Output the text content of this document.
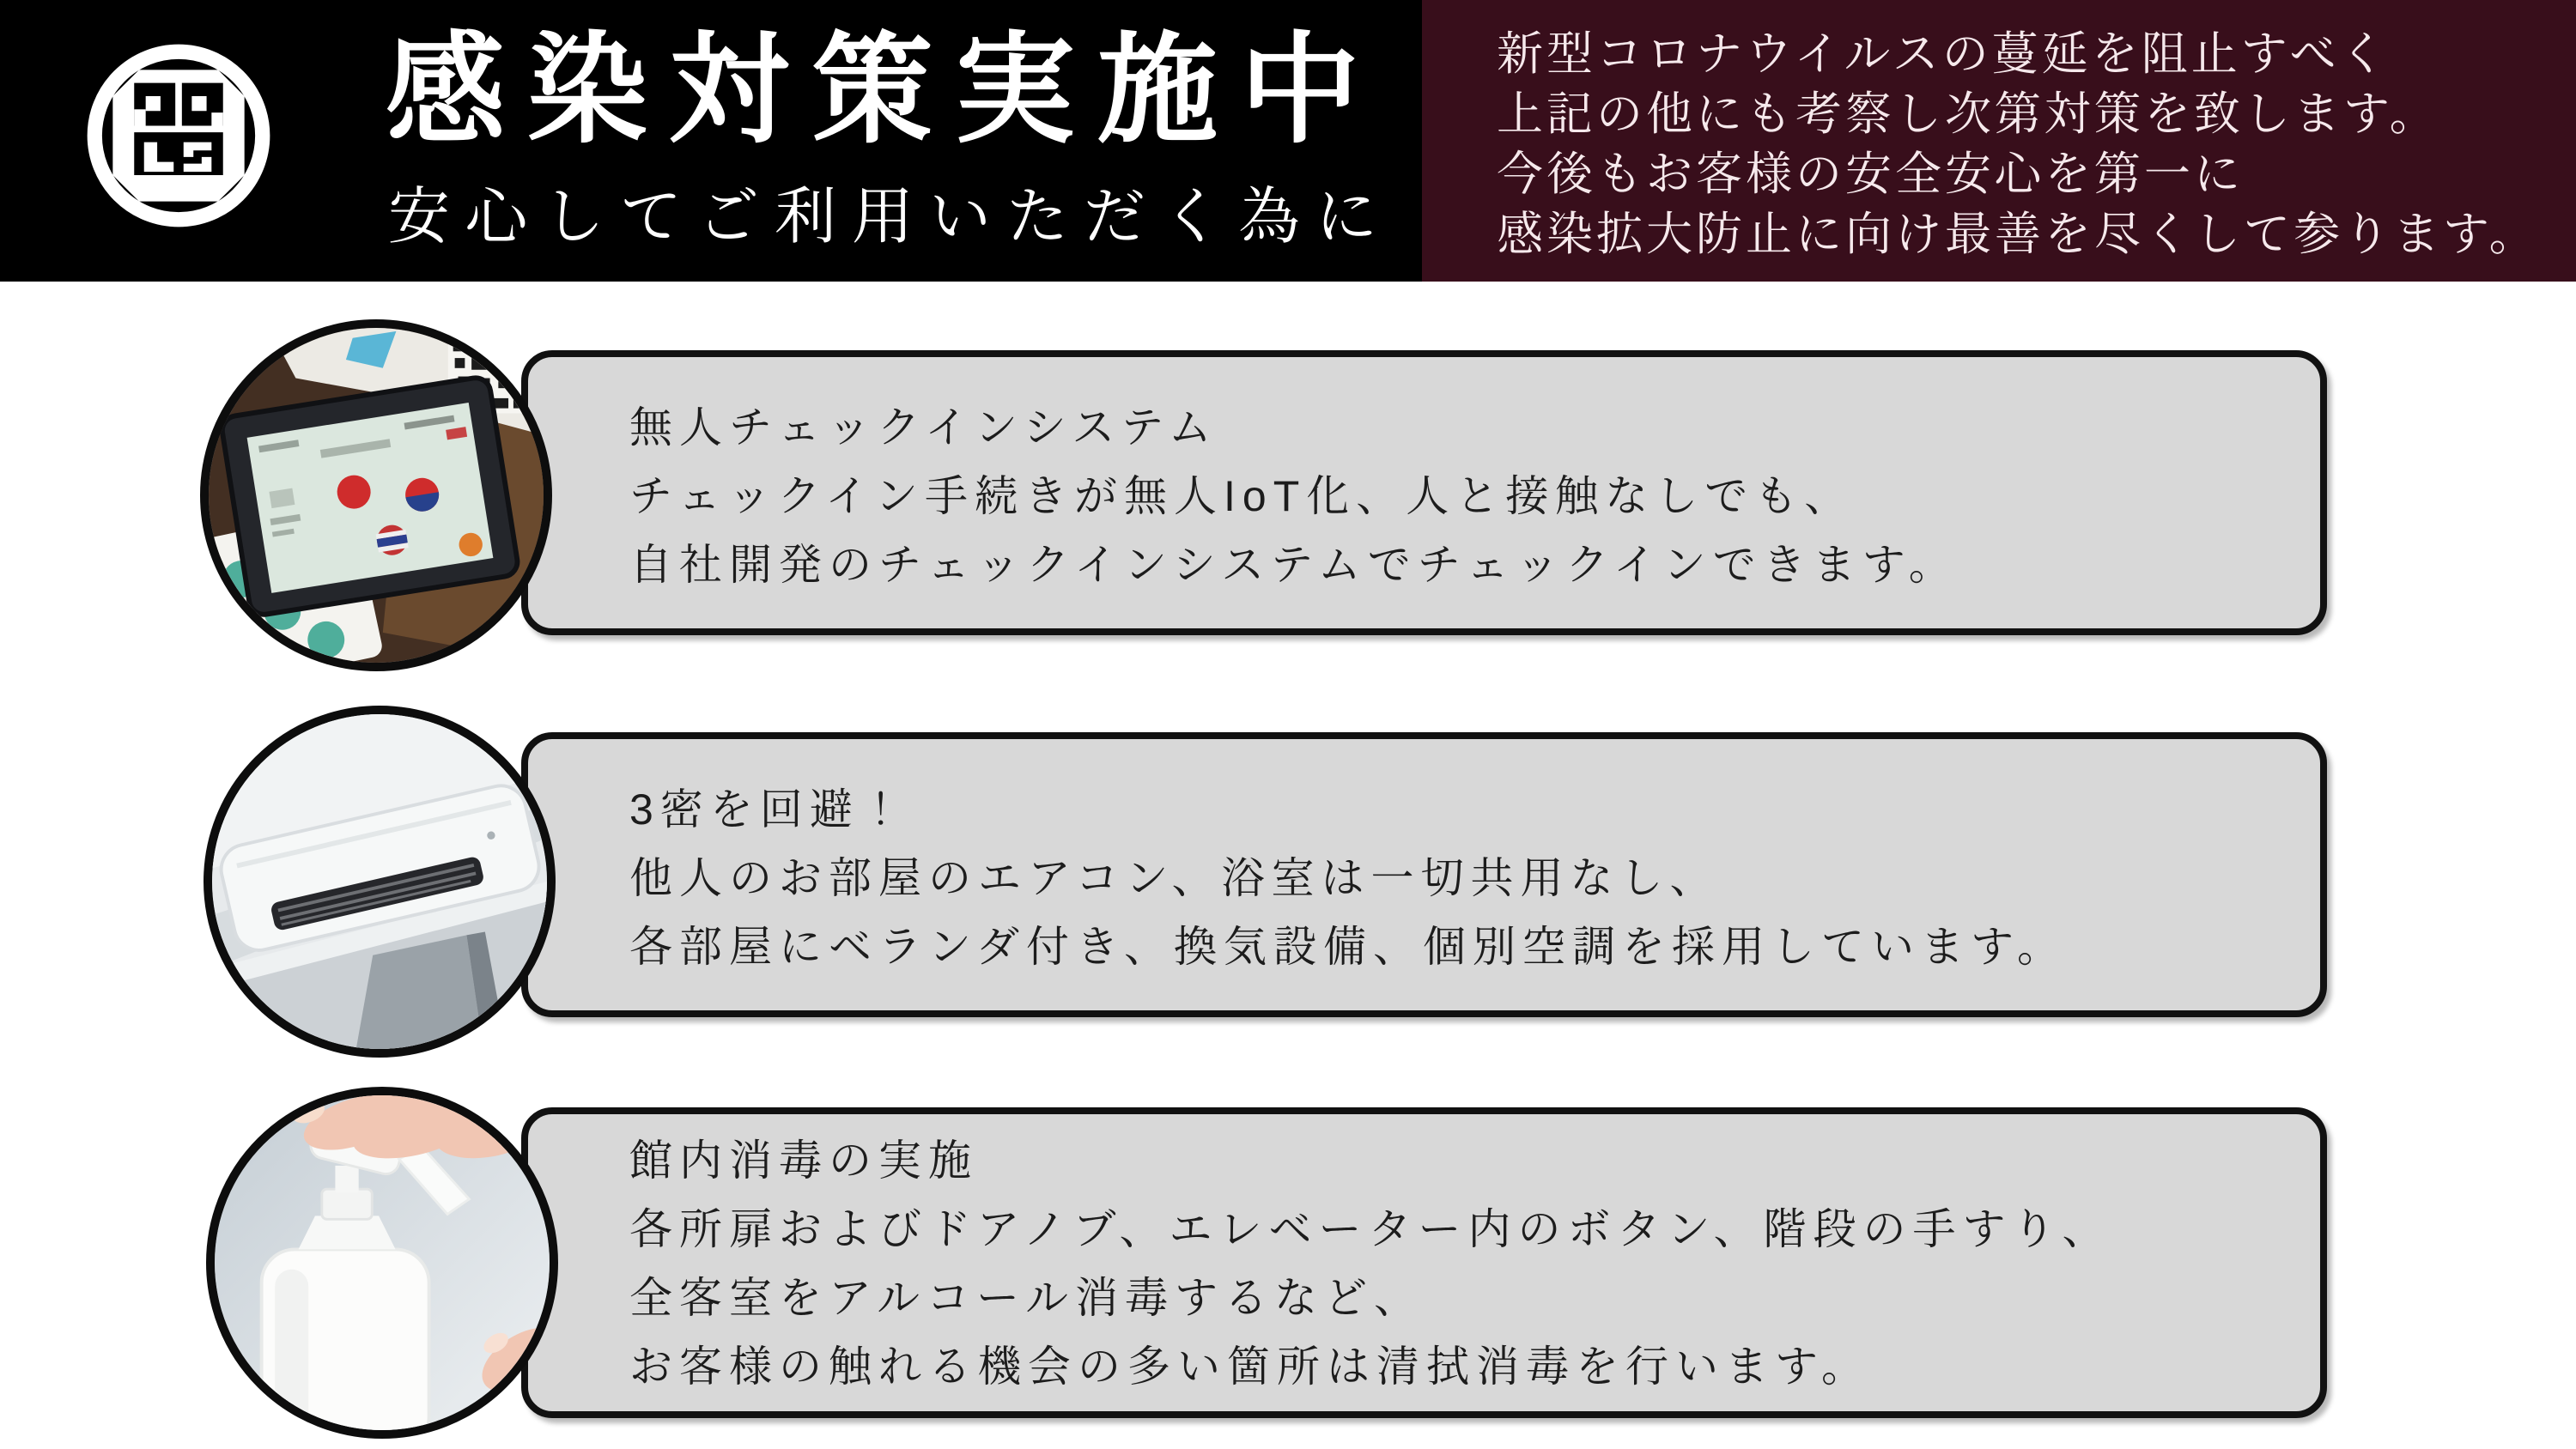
感染対策実施中
安心してご利用いただく為に
新型コロナウイルスの蔓延を阻止すべく
上記の他にも考察し次第対策を致します。
今後もお客様の安全安心を第一に
感染拡大防止に向け最善を尽くして参ります。
無人チェックインシステム
チェックイン手続きが無人IoT化、人と接触なしでも、
自社開発のチェックインシステムでチェックインできます。
3密を回避！
他人のお部屋のエアコン、浴室は一切共用なし、
各部屋にベランダ付き、換気設備、個別空調を採用しています。
館内消毒の実施
各所扉およびドアノブ、エレベーター内のボタン、階段の手すり、
全客室をアルコール消毒するなど、
お客様の触れる機会の多い箇所は清拭消毒を行います。
